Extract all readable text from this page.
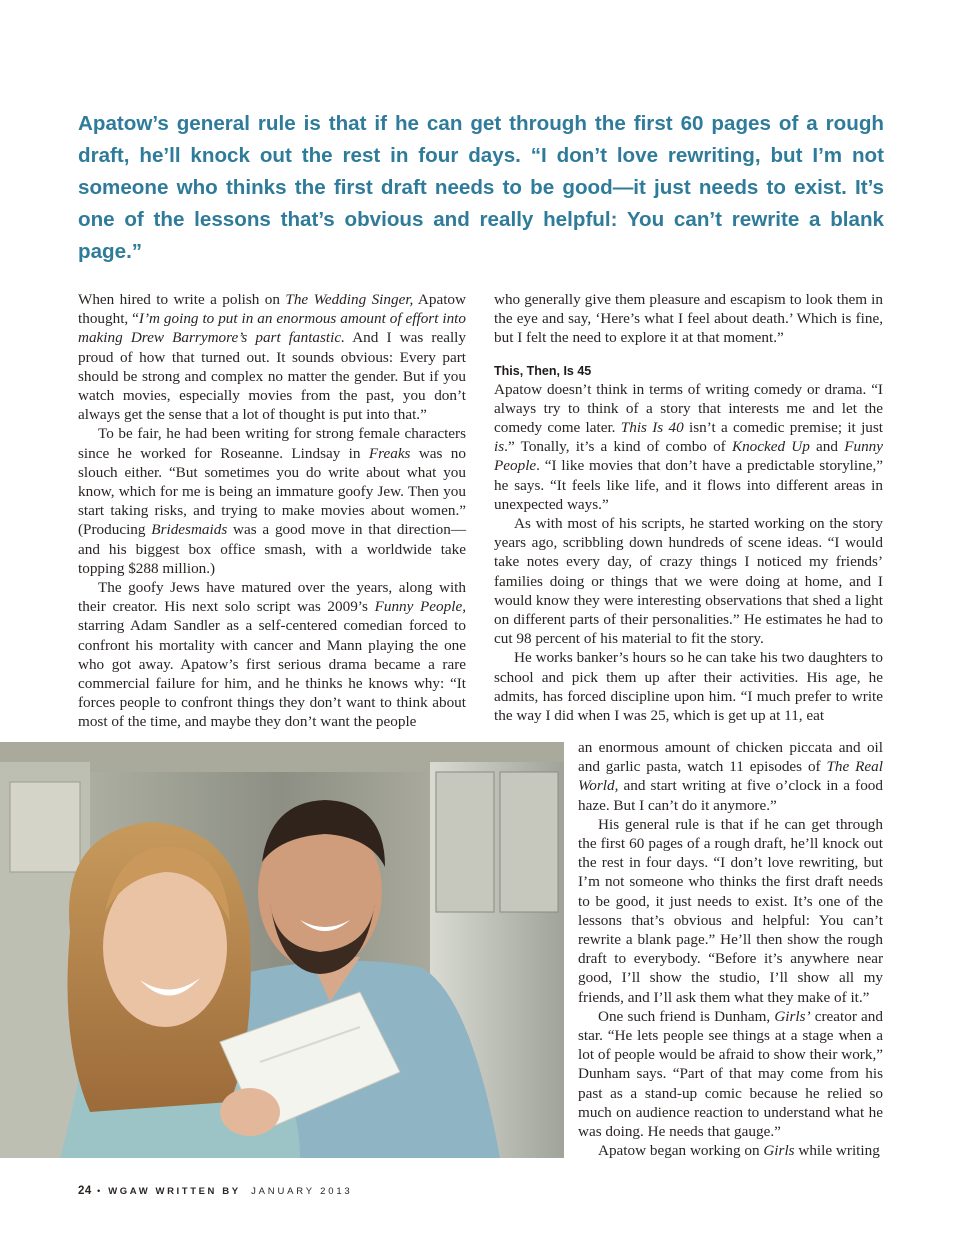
Apatow’s general rule is that if he can get through the first 60 pages of a rough draft, he’ll knock out the rest in four days. “I don’t love rewriting, but I’m not someone who thinks the first draft needs to be good—it just needs to exist. It’s one of the lessons that’s obvious and really helpful: You can’t rewrite a blank page.”

When hired to write a polish on The Wedding Singer, Apatow thought, “I’m going to put in an enormous amount of effort into making Drew Barrymore’s part fantastic. And I was really proud of how that turned out. It sounds obvious: Every part should be strong and complex no matter the gender. But if you watch movies, especially movies from the past, you don’t always get the sense that a lot of thought is put into that.”

To be fair, he had been writing for strong female characters since he worked for Roseanne. Lindsay in Freaks was no slouch either. “But sometimes you do write about what you know, which for me is being an immature goofy Jew. Then you start taking risks, and trying to make movies about women.” (Producing Bridesmaids was a good move in that direction—and his biggest box office smash, with a worldwide take topping $288 million.)

The goofy Jews have matured over the years, along with their creator. His next solo script was 2009’s Funny People, starring Adam Sandler as a self-centered comedian forced to confront his mortality with cancer and Mann playing the one who got away. Apatow’s first serious drama became a rare commercial failure for him, and he thinks he knows why: “It forces people to confront things they don’t want to think about most of the time, and maybe they don’t want the people

who generally give them pleasure and escapism to look them in the eye and say, ‘Here’s what I feel about death.’ Which is fine, but I felt the need to explore it at that moment.”

This, Then, Is 45

Apatow doesn’t think in terms of writing comedy or drama. “I always try to think of a story that interests me and let the comedy come later. This Is 40 isn’t a comedic premise; it just is.” Tonally, it’s a kind of combo of Knocked Up and Funny People. “I like movies that don’t have a predictable storyline,” he says. “It feels like life, and it flows into different areas in unexpected ways.”

As with most of his scripts, he started working on the story years ago, scribbling down hundreds of scene ideas. “I would take notes every day, of crazy things I noticed my friends’ families doing or things that we were doing at home, and I would know they were interesting observations that shed a light on different parts of their personalities.” He estimates he had to cut 98 percent of his material to fit the story.

He works banker’s hours so he can take his two daughters to school and pick them up after their activities. His age, he admits, has forced discipline upon him. “I much prefer to write the way I did when I was 25, which is get up at 11, eat

an enormous amount of chicken piccata and oil and garlic pasta, watch 11 episodes of The Real World, and start writing at five o’clock in a food haze. But I can’t do it anymore.”

His general rule is that if he can get through the first 60 pages of a rough draft, he’ll knock out the rest in four days. “I don’t love rewriting, but I’m not someone who thinks the first draft needs to be good, it just needs to exist. It’s one of the lessons that’s obvious and helpful: You can’t rewrite a blank page.” He’ll then show the rough draft to everybody. “Before it’s anywhere near good, I’ll show the studio, I’ll show all my friends, and I’ll ask them what they make of it.”

One such friend is Dunham, Girls’ creator and star. “He lets people see things at a stage when a lot of people would be afraid to show their work,” Dunham says. “Part of that may come from his past as a stand-up comic because he relied so much on audience reaction to understand what he was doing. He needs that gauge.”

Apatow began working on Girls while writing

24 • WGAW WRITTEN BY JANUARY 2013
